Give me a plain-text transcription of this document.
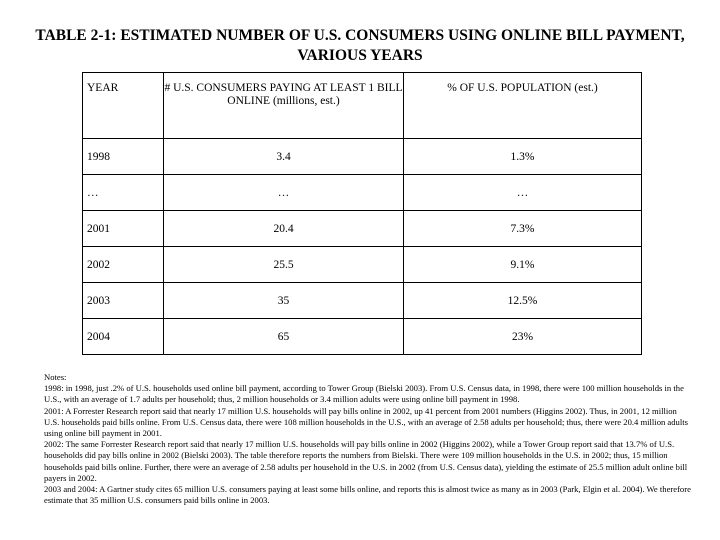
TABLE 2-1: ESTIMATED NUMBER OF U.S. CONSUMERS USING ONLINE BILL PAYMENT, VARIOUS YEARS
YEAR	# U.S. CONSUMERS PAYING AT LEAST 1 BILL ONLINE (millions, est.)	% OF U.S. POPULATION (est.)
1998	3.4	1.3%
…	…	…
2001	20.4	7.3%
2002	25.5	9.1%
2003	35	12.5%
2004	65	23%
Notes:
1998: in 1998, just .2% of U.S. households used online bill payment, according to Tower Group (Bielski 2003). From U.S. Census data, in 1998, there were 100 million households in the U.S., with an average of 1.7 adults per household; thus, 2 million households or 3.4 million adults were using online bill payment in 1998.
2001: A Forrester Research report said that nearly 17 million U.S. households will pay bills online in 2002, up 41 percent from 2001 numbers (Higgins 2002). Thus, in 2001, 12 million U.S. households paid bills online. From U.S. Census data, there were 108 million households in the U.S., with an average of 2.58 adults per household; thus, there were 20.4 million adults using online bill payment in 2001.
2002: The same Forrester Research report said that nearly 17 million U.S. households will pay bills online in 2002 (Higgins 2002), while a Tower Group report said that 13.7% of U.S. households did pay bills online in 2002 (Bielski 2003). The table therefore reports the numbers from Bielski. There were 109 million households in the U.S. in 2002; thus, 15 million households paid bills online. Further, there were an average of 2.58 adults per household in the U.S. in 2002 (from U.S. Census data), yielding the estimate of 25.5 million adult online bill payers in 2002.
2003 and 2004: A Gartner study cites 65 million U.S. consumers paying at least some bills online, and reports this is almost twice as many as in 2003 (Park, Elgin et al. 2004). We therefore estimate that 35 million U.S. consumers paid bills online in 2003.
